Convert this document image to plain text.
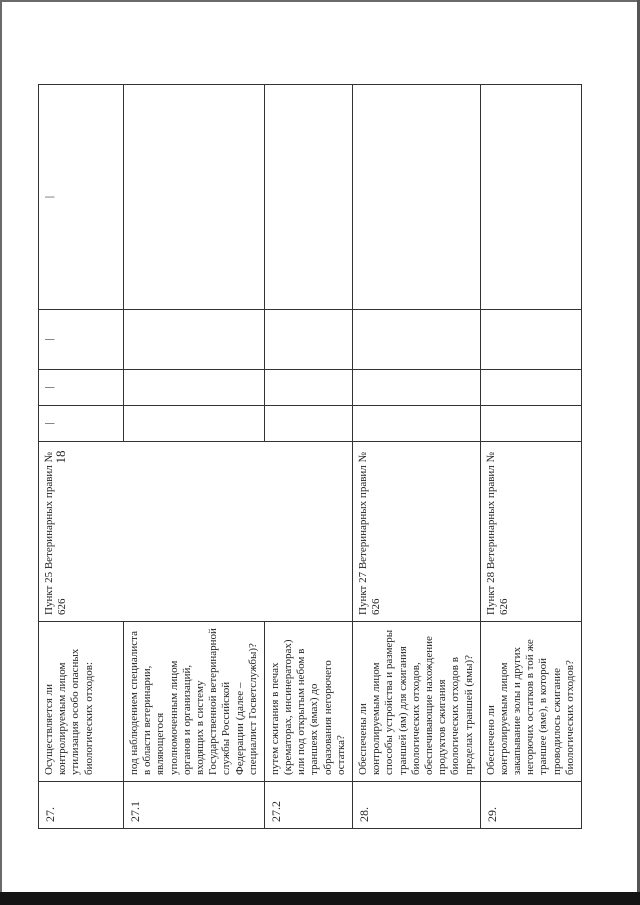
18
27.	Осуществляется ли контролируемым лицом утилизация особо опасных биологических отходов:	Пункт 25 Ветеринарных правил № 626	|	|	|	|
27.1	под наблюдением специалиста в области ветеринарии, являющегося уполномоченным лицом органов и организаций, входящих в систему Государственной ветеринарной службы Российской Федерации (далее – специалист Госветслужбы)?					
27.2	путем сжигания в печах (крематорах, инсинераторах) или под открытым небом в траншеях (ямах) до образования негорючего остатка?					
28.	Обеспечены ли контролируемым лицом способы устройства и размеры траншей (ям) для сжигания биологических отходов, обеспечивающие нахождение продуктов сжигания биологических отходов в пределах траншей (ямы)?	Пункт 27 Ветеринарных правил № 626				
29.	Обеспечено ли контролируемым лицом закапывание золы и других негорючих остатков в той же траншее (яме), в которой проводилось сжигание биологических отходов?	Пункт 28 Ветеринарных правил № 626				
